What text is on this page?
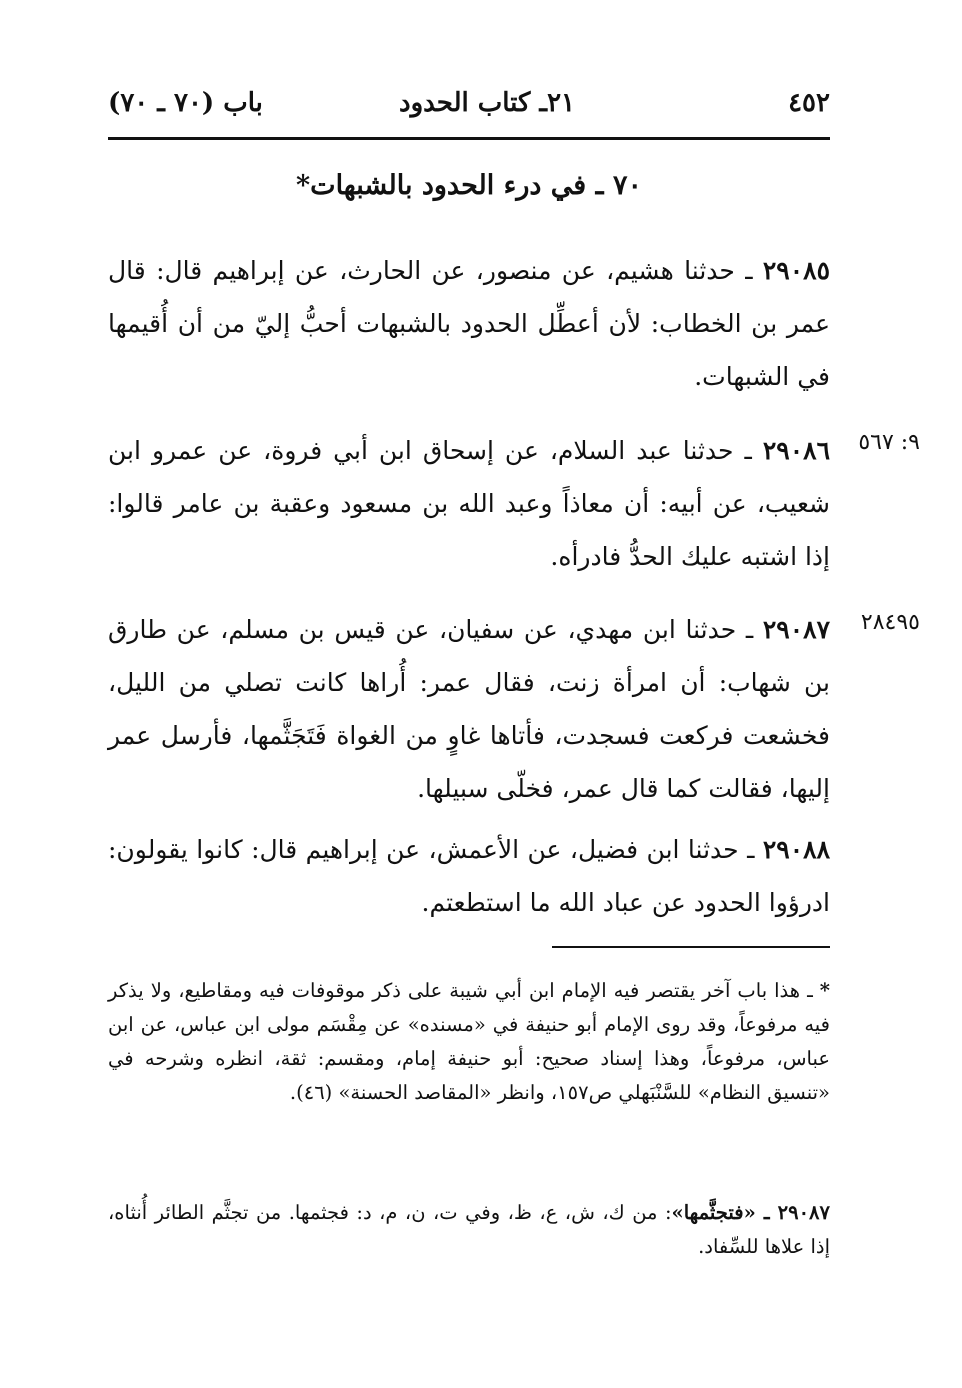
٤٥٢
٢١ـ كتاب الحدود
باب (٧٠ ـ ٧٠)
٧٠ ـ في درء الحدود بالشبهات*
٢٩٠٨٥ ـ حدثنا هشيم، عن منصور، عن الحارث، عن إبراهيم قال: قال عمر بن الخطاب: لأن أعطِّل الحدود بالشبهات أحبُّ إليّ من أن أُقيمها في الشبهات.
٩: ٥٦٧
٢٩٠٨٦ ـ حدثنا عبد السلام، عن إسحاق ابن أبي فروة، عن عمرو ابن شعيب، عن أبيه: أن معاذاً وعبد الله بن مسعود وعقبة بن عامر قالوا: إذا اشتبه عليك الحدُّ فادرأه.
٢٨٤٩٥
٢٩٠٨٧ ـ حدثنا ابن مهدي، عن سفيان، عن قيس بن مسلم، عن طارق بن شهاب: أن امرأة زنت، فقال عمر: أُراها كانت تصلي من الليل، فخشعت فركعت فسجدت، فأتاها غاوٍ من الغواة فَتَجَثَّمها، فأرسل عمر إليها، فقالت كما قال عمر، فخلّى سبيلها.
٢٩٠٨٨ ـ حدثنا ابن فضيل، عن الأعمش، عن إبراهيم قال: كانوا يقولون: ادرؤوا الحدود عن عباد الله ما استطعتم.
* ـ هذا باب آخر يقتصر فيه الإمام ابن أبي شيبة على ذكر موقوفات فيه ومقاطيع، ولا يذكر فيه مرفوعاً، وقد روى الإمام أبو حنيفة في «مسنده» عن مِقْسَم مولى ابن عباس، عن ابن عباس، مرفوعاً، وهذا إسناد صحيح: أبو حنيفة إمام، ومقسم: ثقة، انظره وشرحه في «تنسيق النظام» للسَّنْبَهلي ص١٥٧، وانظر «المقاصد الحسنة» (٤٦).
٢٩٠٨٧ ـ «فتجثَّمها»: من ك، ش، ع، ظ، وفي ت، ن، م، د: فجثمها. من تجثَّم الطائر أُنثاه، إذا علاها للسِّفاد.
